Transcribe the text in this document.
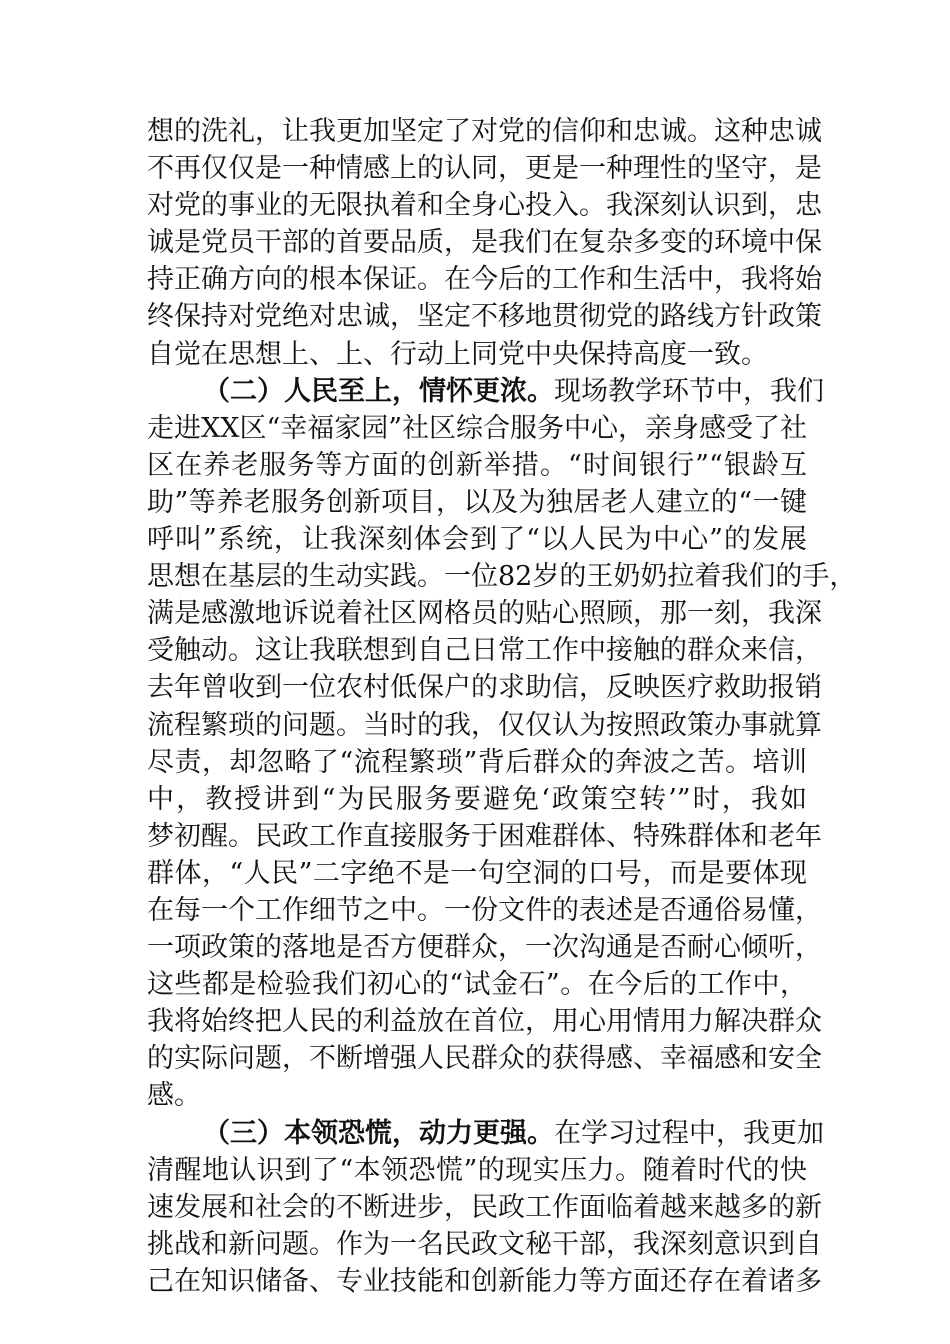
想的洗礼，让我更加坚定了对党的信仰和忠诚。这种忠诚
不再仅仅是一种情感上的认同，更是一种理性的坚守，是
对党的事业的无限执着和全身心投入。我深刻认识到，忠
诚是党员干部的首要品质，是我们在复杂多变的环境中保
持正确方向的根本保证。在今后的工作和生活中，我将始
终保持对党绝对忠诚，坚定不移地贯彻党的路线方针政策
自觉在思想上、上、行动上同党中央保持高度一致。
（二）人民至上，情怀更浓。现场教学环节中，我们
走进XX区“幸福家园”社区综合服务中心，亲身感受了社
区在养老服务等方面的创新举措。“时间银行”“银龄互
助”等养老服务创新项目，以及为独居老人建立的“一键
呼叫”系统，让我深刻体会到了“以人民为中心”的发展
思想在基层的生动实践。一位82岁的王奶奶拉着我们的手，
满是感激地诉说着社区网格员的贴心照顾，那一刻，我深
受触动。这让我联想到自己日常工作中接触的群众来信，
去年曾收到一位农村低保户的求助信，反映医疗救助报销
流程繁琐的问题。当时的我，仅仅认为按照政策办事就算
尽责，却忽略了“流程繁琐”背后群众的奔波之苦。培训
中，教授讲到“为民服务要避免‘政策空转’”时，我如
梦初醒。民政工作直接服务于困难群体、特殊群体和老年
群体，“人民”二字绝不是一句空洞的口号，而是要体现
在每一个工作细节之中。一份文件的表述是否通俗易懂，
一项政策的落地是否方便群众，一次沟通是否耐心倾听，
这些都是检验我们初心的“试金石”。在今后的工作中，
我将始终把人民的利益放在首位，用心用情用力解决群众
的实际问题，不断增强人民群众的获得感、幸福感和安全
感。
（三）本领恐慌，动力更强。在学习过程中，我更加
清醒地认识到了“本领恐慌”的现实压力。随着时代的快
速发展和社会的不断进步，民政工作面临着越来越多的新
挑战和新问题。作为一名民政文秘干部，我深刻意识到自
己在知识储备、专业技能和创新能力等方面还存在着诸多
